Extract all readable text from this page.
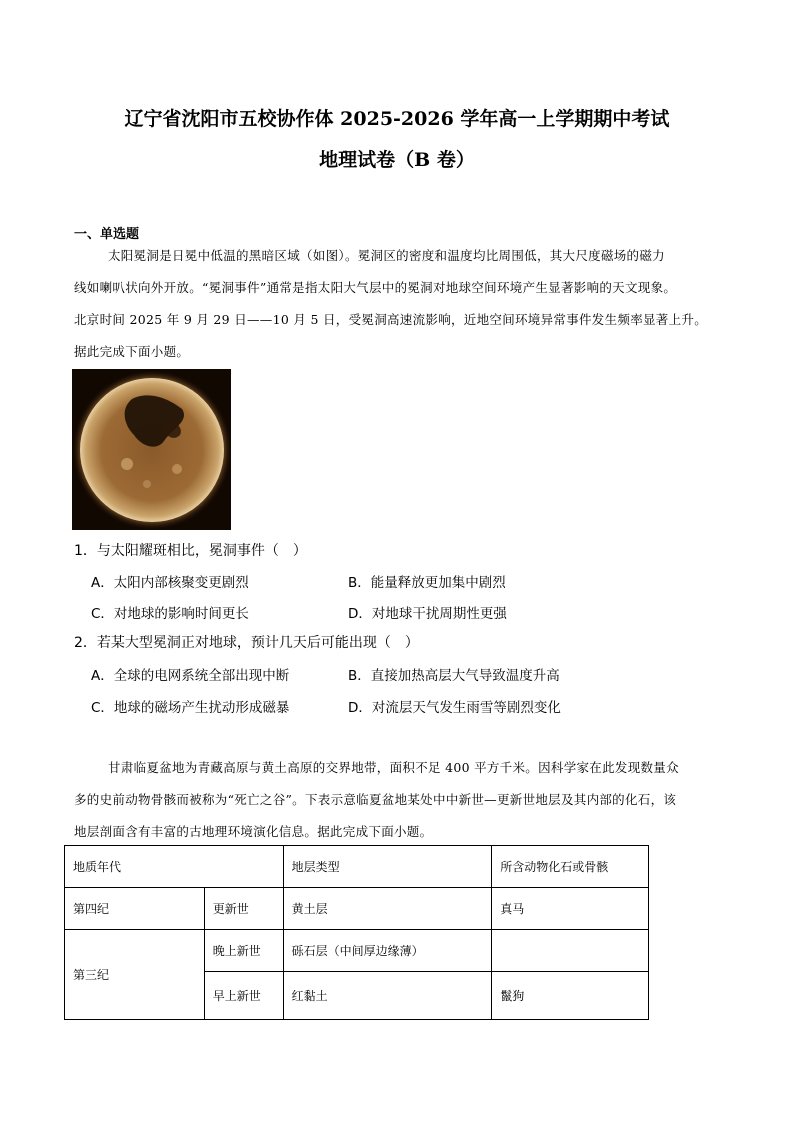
辽宁省沈阳市五校协作体 2025-2026 学年高一上学期期中考试
地理试卷（B 卷）
一、单选题
太阳冕洞是日冕中低温的黑暗区域（如图）。冕洞区的密度和温度均比周围低，其大尺度磁场的磁力
线如喇叭状向外开放。“冕洞事件”通常是指太阳大气层中的冕洞对地球空间环境产生显著影响的天文现象。
北京时间 2025 年 9 月 29 日——10 月 5 日，受冕洞高速流影响，近地空间环境异常事件发生频率显著上升。
据此完成下面小题。
1．与太阳耀斑相比，冕洞事件（　）
A．太阳内部核聚变更剧烈	B．能量释放更加集中剧烈
C．对地球的影响时间更长	D．对地球干扰周期性更强
2．若某大型冕洞正对地球，预计几天后可能出现（　）
A．全球的电网系统全部出现中断	B．直接加热高层大气导致温度升高
C．地球的磁场产生扰动形成磁暴	D．对流层天气发生雨雪等剧烈变化
甘肃临夏盆地为青藏高原与黄土高原的交界地带，面积不足 400 平方千米。因科学家在此发现数量众
多的史前动物骨骸而被称为“死亡之谷”。下表示意临夏盆地某处中中新世—更新世地层及其内部的化石，该
地层剖面含有丰富的古地理环境演化信息。据此完成下面小题。
地质年代		地层类型	所含动物化石或骨骸
第四纪	更新世	黄土层	真马
第三纪	晚上新世	砾石层（中间厚边缘薄）	
	早上新世	红黏土	鬣狗
